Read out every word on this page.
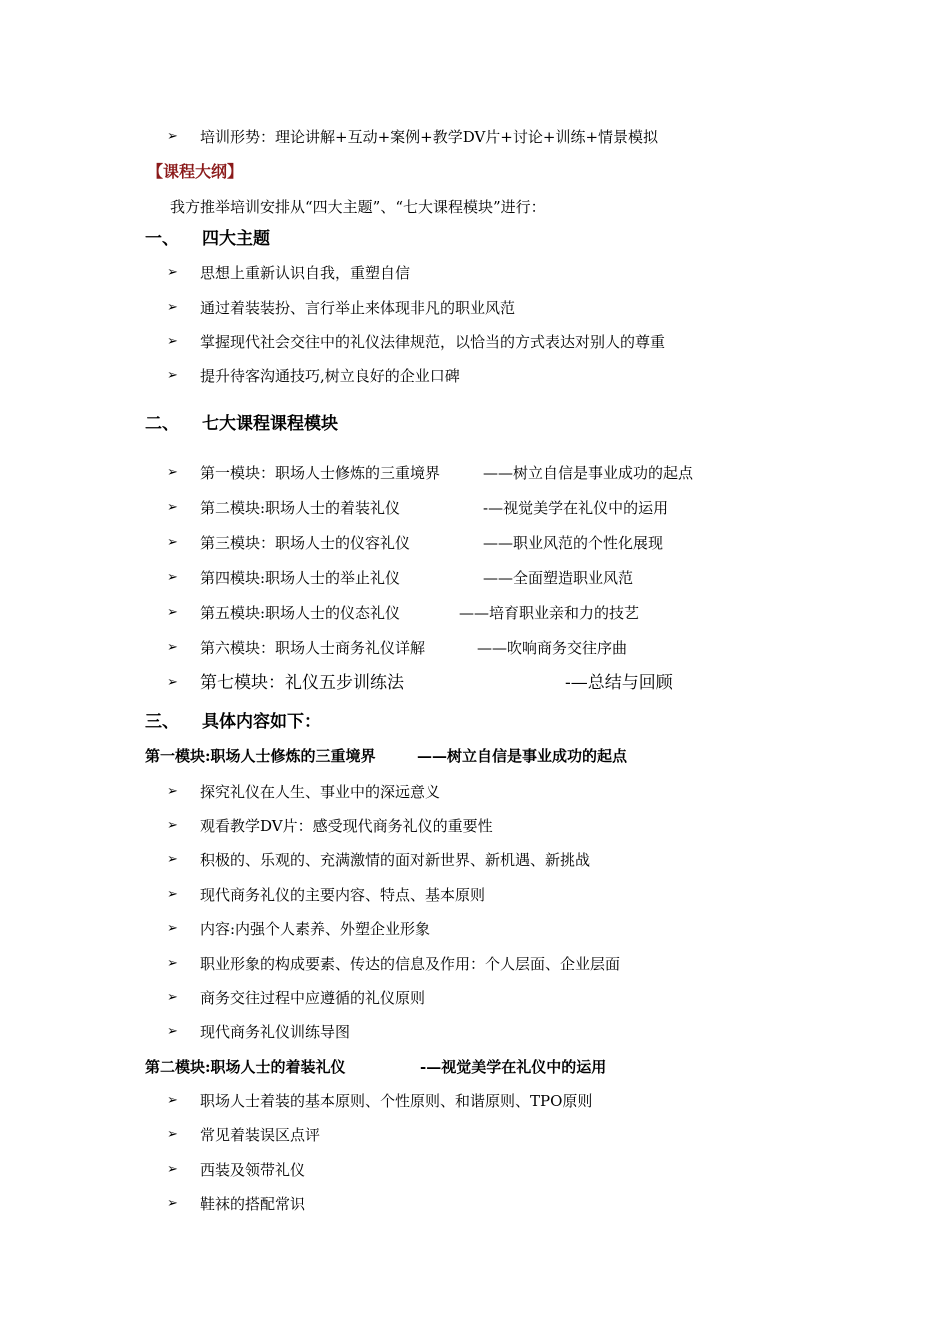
➢ 培训形势：理论讲解+互动+案例+教学DV片+讨论+训练+情景模拟
【课程大纲】
我方推举培训安排从“四大主题”、“七大课程模块”进行：
一、 四大主题
➢ 思想上重新认识自我，重塑自信
➢ 通过着装装扮、言行举止来体现非凡的职业风范
➢ 掌握现代社会交往中的礼仪法律规范，以恰当的方式表达对别人的尊重
➢ 提升待客沟通技巧,树立良好的企业口碑
二、 七大课程课程模块
➢ 第一模块：职场人士修炼的三重境界	——树立自信是事业成功的起点
➢ 第二模块:职场人士的着装礼仪	-—视觉美学在礼仪中的运用
➢ 第三模块：职场人士的仪容礼仪	——职业风范的个性化展现
➢ 第四模块:职场人士的举止礼仪	——全面塑造职业风范
➢ 第五模块:职场人士的仪态礼仪	——培育职业亲和力的技艺
➢ 第六模块：职场人士商务礼仪详解	——吹响商务交往序曲
➢ 第七模块：礼仪五步训练法	-—总结与回顾
三、 具体内容如下：
第一模块:职场人士修炼的三重境界	——树立自信是事业成功的起点
➢ 探究礼仪在人生、事业中的深远意义
➢ 观看教学DV片：感受现代商务礼仪的重要性
➢ 积极的、乐观的、充满激情的面对新世界、新机遇、新挑战
➢ 现代商务礼仪的主要内容、特点、基本原则
➢ 内容:内强个人素养、外塑企业形象
➢ 职业形象的构成要素、传达的信息及作用：个人层面、企业层面
➢ 商务交往过程中应遵循的礼仪原则
➢ 现代商务礼仪训练导图
第二模块:职场人士的着装礼仪	-—视觉美学在礼仪中的运用
➢ 职场人士着装的基本原则、个性原则、和谐原则、TPO原则
➢ 常见着装误区点评
➢ 西装及领带礼仪
➢ 鞋袜的搭配常识
